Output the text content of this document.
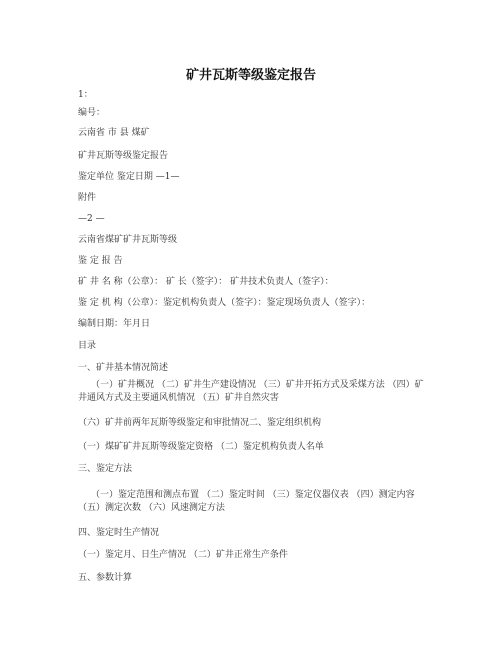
矿井瓦斯等级鉴定报告
1：
编号：
云南省 市 县 煤矿
矿井瓦斯等级鉴定报告
鉴定单位 鉴定日期 —1—
附件
—2 —
云南省煤矿矿井瓦斯等级
鉴 定 报 告
矿 井 名 称（公章）： 矿 长（签字）： 矿井技术负责人（签字）：
鉴 定 机 构（公章）：鉴定机构负责人（签字）：鉴定现场负责人（签字）：
编制日期：年月日
目录
一、矿井基本情况简述
（一）矿井概况 （二）矿井生产建设情况 （三）矿井开拓方式及采煤方法 （四）矿井通风方式及主要通风机情况 （五）矿井自然灾害
（六）矿井前两年瓦斯等级鉴定和审批情况二、鉴定组织机构
（一）煤矿矿井瓦斯等级鉴定资格 （二）鉴定机构负责人名单
三、鉴定方法
（一）鉴定范围和测点布置 （二）鉴定时间 （三）鉴定仪器仪表 （四）测定内容 （五）测定次数 （六）风速测定方法
四、鉴定时生产情况
（一）鉴定月、日生产情况 （二）矿井正常生产条件
五、参数计算
